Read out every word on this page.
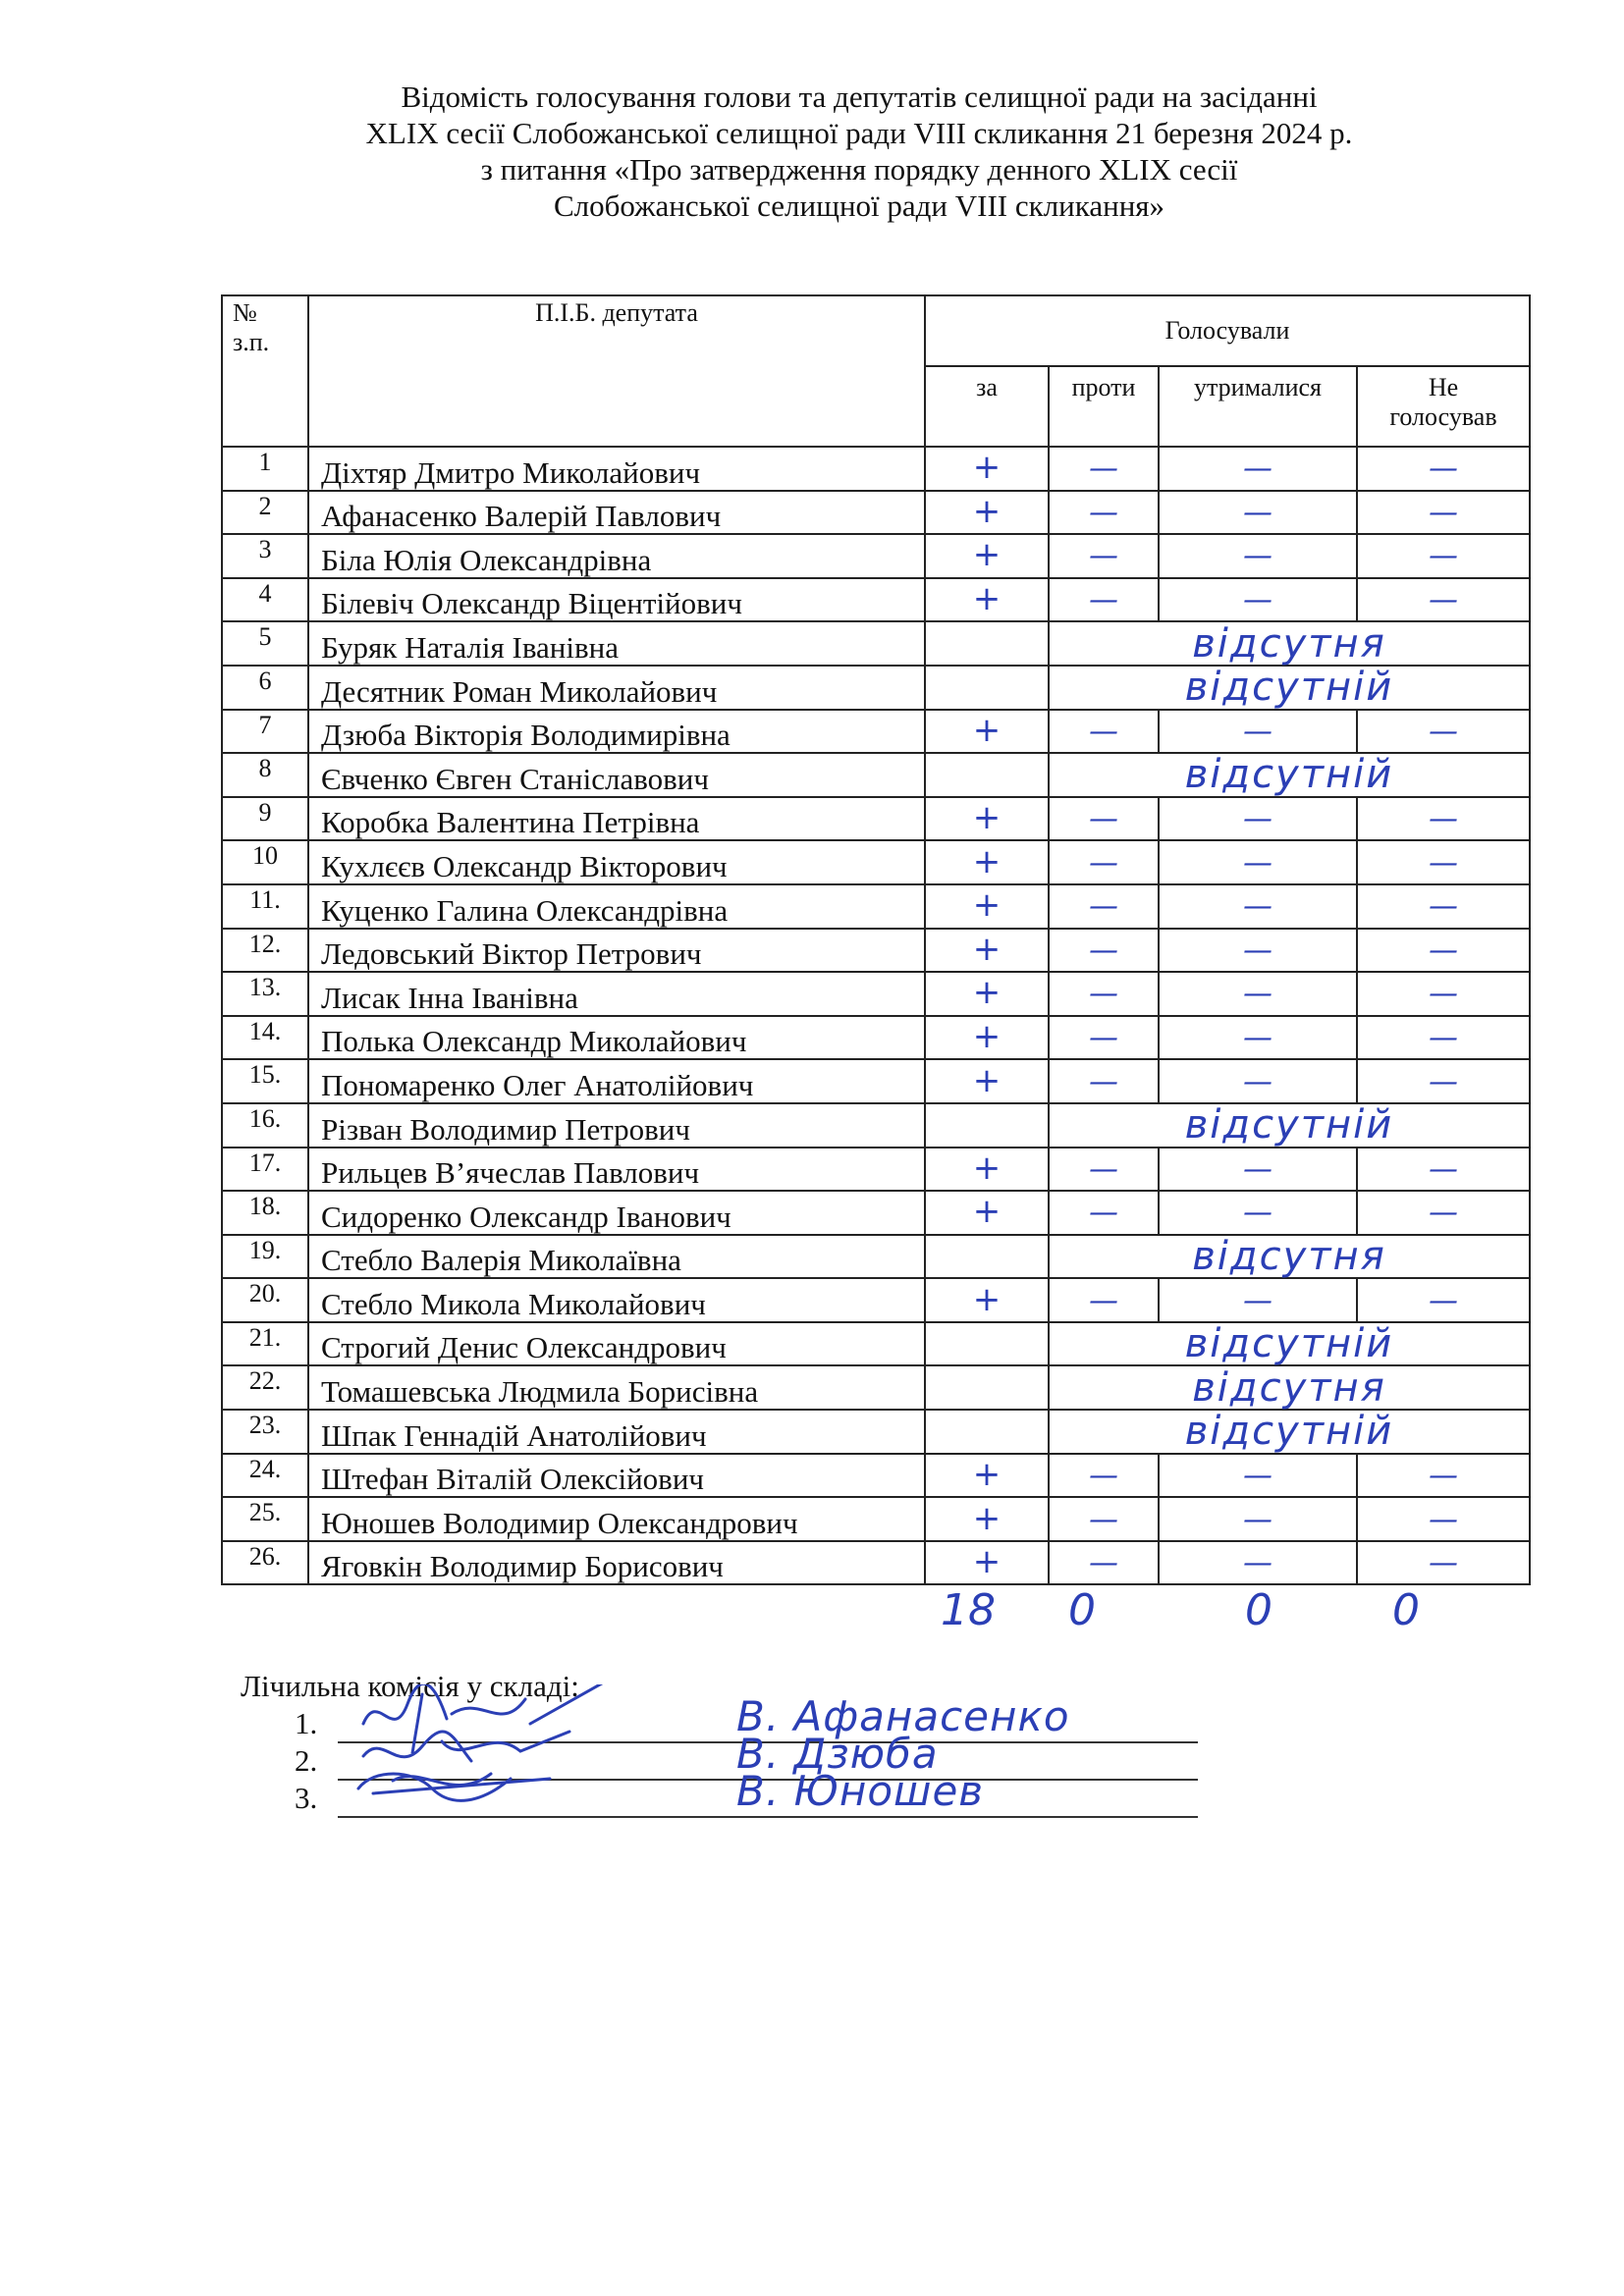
Відомість голосування голови та депутатів селищної ради на засіданні
XLIX сесії Слобожанської селищної ради VIII скликання 21 березня 2024 р.
з питання «Про затвердження порядку денного XLIX сесії
Слобожанської селищної ради VIII скликання»
№
з.п.	П.І.Б. депутата	Голосували				
		за	проти	утрималися	Не
голосував	
1	Діхтяр Дмитро Миколайович	+	—	—	—	
2	Афанасенко Валерій Павлович	+	—	—	—	
3	Біла Юлія Олександрівна	+	—	—	—	
4	Білевіч Олександр Віцентійович	+	—	—	—	
5	Буряк Наталія Іванівна		відсутня			
6	Десятник Роман Миколайович		відсутній			
7	Дзюба Вікторія Володимирівна	+	—	—	—	
8	Євченко Євген Станіславович		відсутній			
9	Коробка Валентина Петрівна	+	—	—	—	
10	Кухлєєв Олександр Вікторович	+	—	—	—	
11.	Куценко Галина Олександрівна	+	—	—	—	
12.	Ледовський Віктор Петрович	+	—	—	—	
13.	Лисак Інна Іванівна	+	—	—	—	
14.	Полька Олександр Миколайович	+	—	—	—	
15.	Пономаренко Олег Анатолійович	+	—	—	—	
16.	Різван Володимир Петрович		відсутній			
17.	Рильцев В’ячеслав Павлович	+	—	—	—	
18.	Сидоренко Олександр Іванович	+	—	—	—	
19.	Стебло Валерія Миколаївна		відсутня			
20.	Стебло Микола Миколайович	+	—	—	—	
21.	Строгий Денис Олександрович		відсутній			
22.	Томашевська Людмила Борисівна		відсутня			
23.	Шпак Геннадій Анатолійович		відсутній			
24.	Штефан Віталій Олексійович	+	—	—	—	
25.	Юношев Володимир Олександрович	+	—	—	—	
26.	Яговкін Володимир Борисович	+	—	—	—	
18 0	0	0
Лічильна комісія у складі:
1.	В. Афанасенко
2.	В. Дзюба
3.	В. Юношев
